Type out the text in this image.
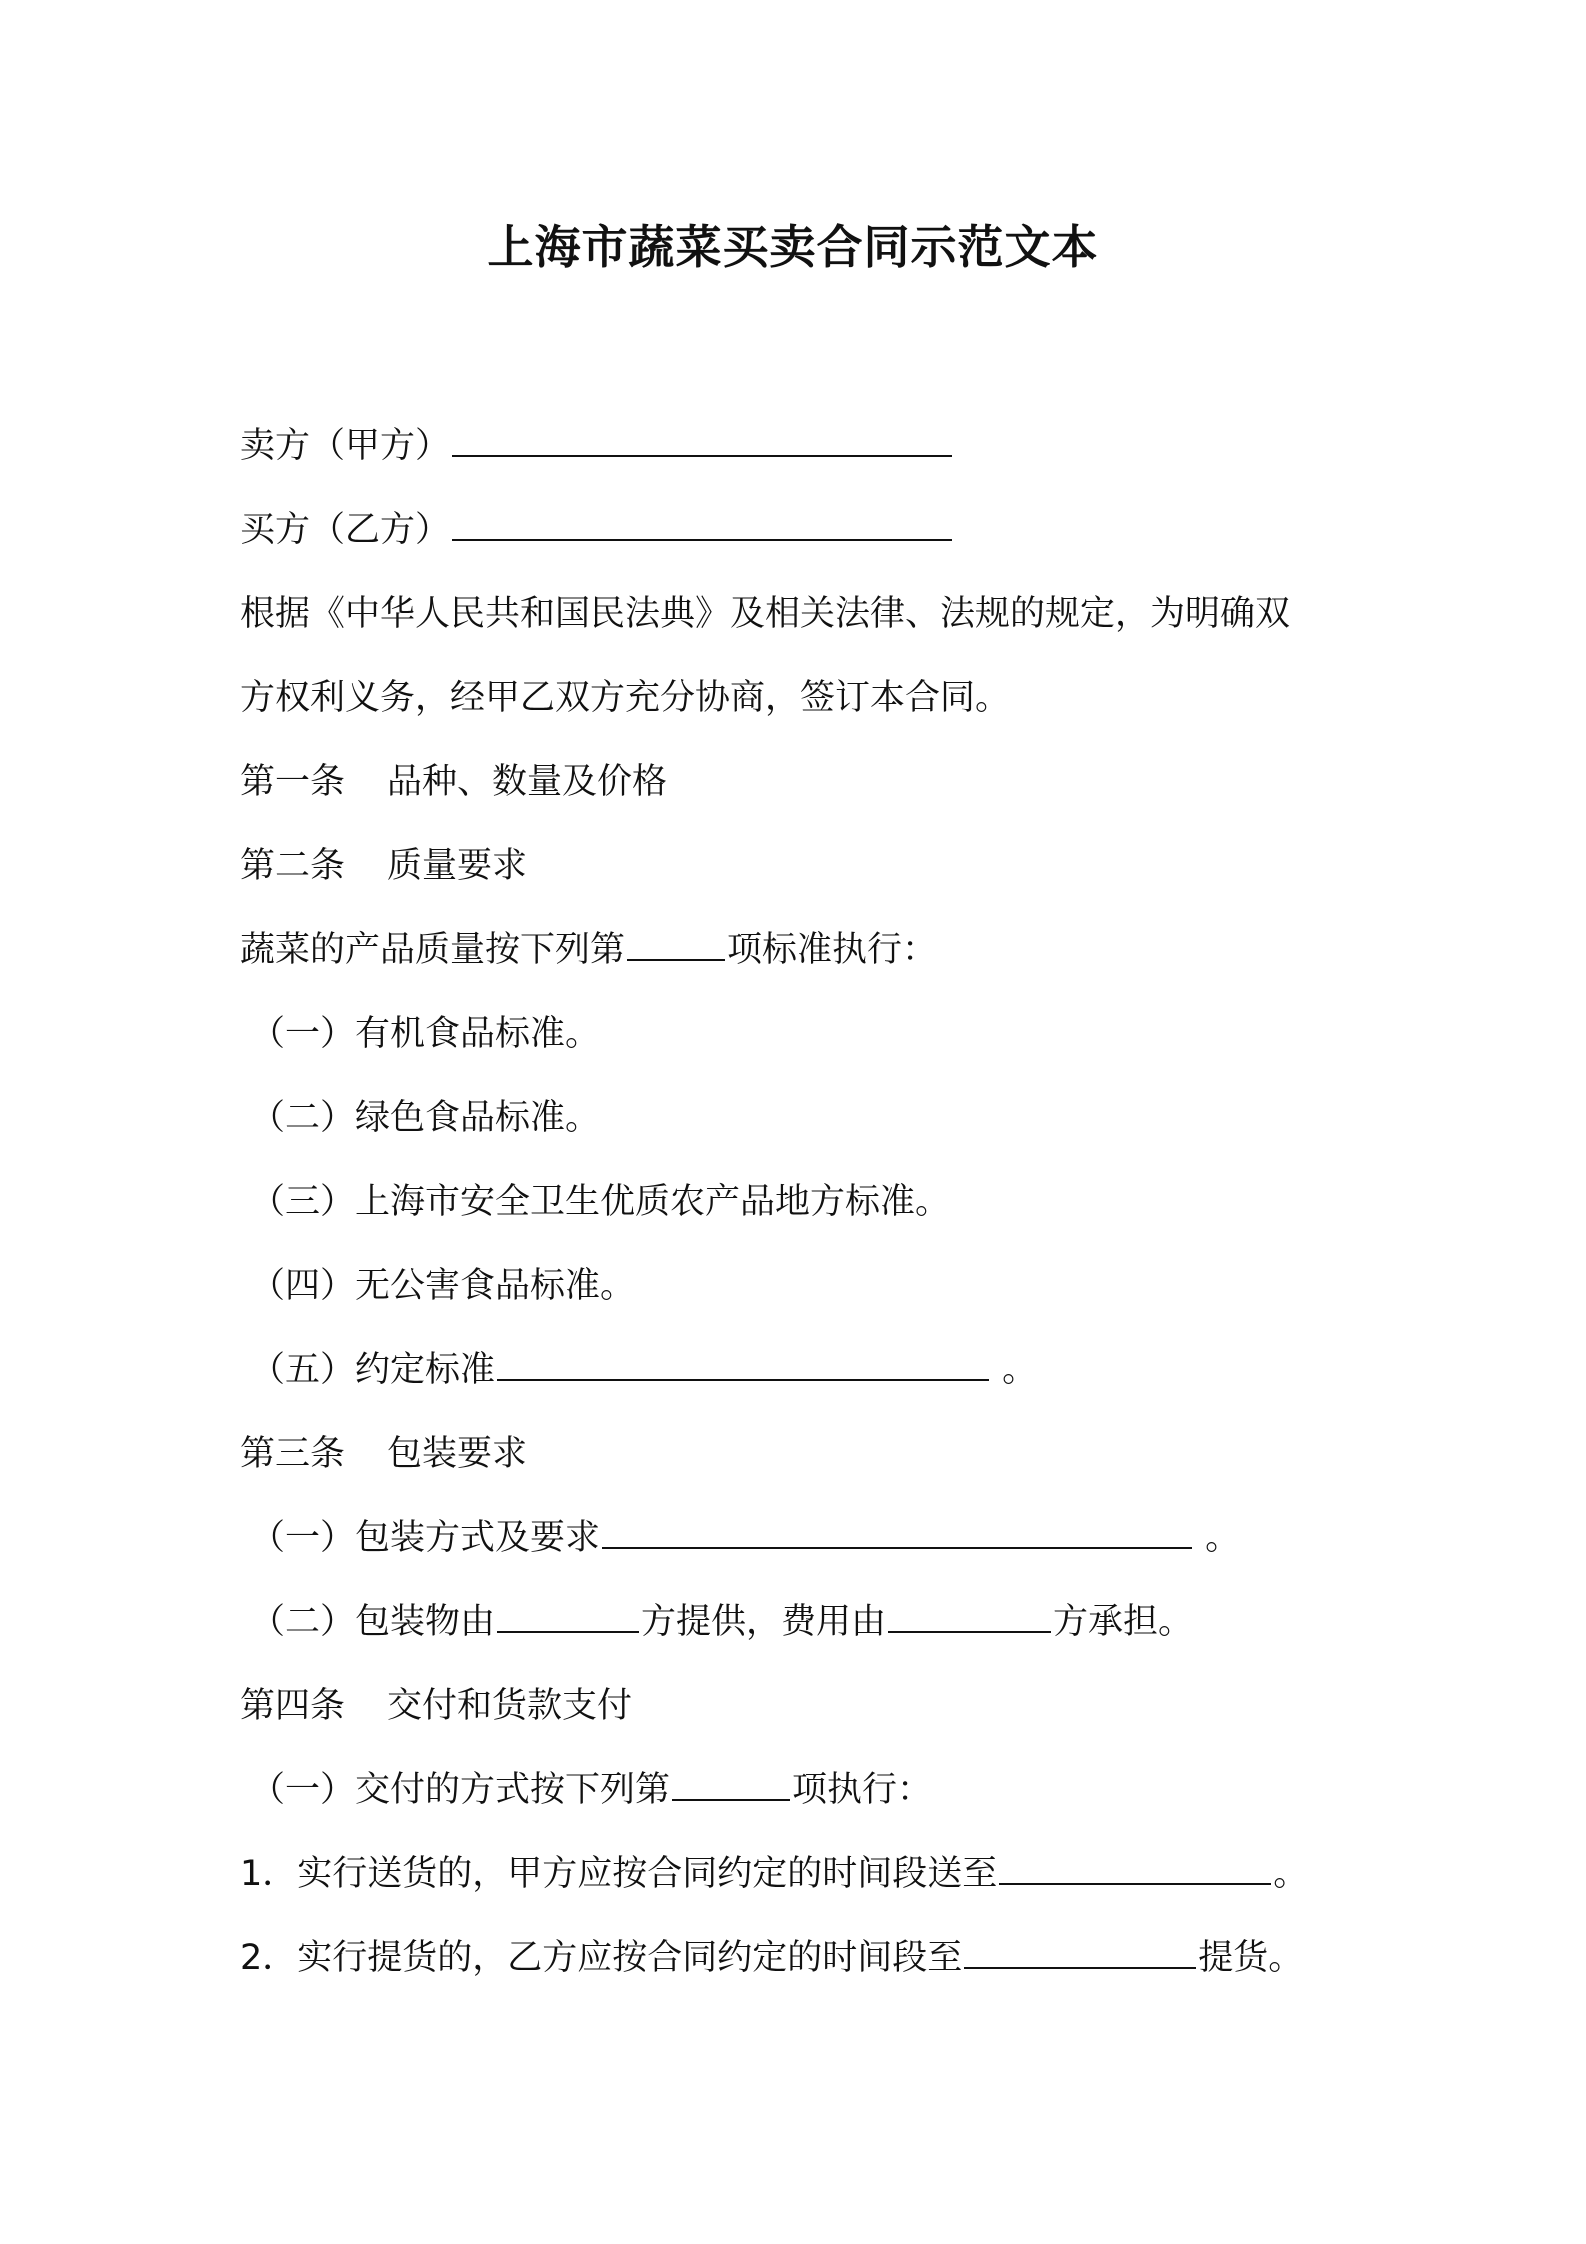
上海市蔬菜买卖合同示范文本
卖方（甲方）
买方（乙方）
根据《中华人民共和国民法典》及相关法律、法规的规定，为明确双
方权利义务，经甲乙双方充分协商，签订本合同。
第一条 品种、数量及价格
第二条 质量要求
蔬菜的产品质量按下列第	项标准执行：
（一）有机食品标准。
（二）绿色食品标准。
（三）上海市安全卫生优质农产品地方标准。
（四）无公害食品标准。
（五）约定标准	。
第三条 包装要求
（一）包装方式及要求	。
（二）包装物由	方提供，费用由	方承担。
第四条 交付和货款支付
（一）交付的方式按下列第	项执行：
1．实行送货的，甲方应按合同约定的时间段送至	。
2．实行提货的，乙方应按合同约定的时间段至	提货。
